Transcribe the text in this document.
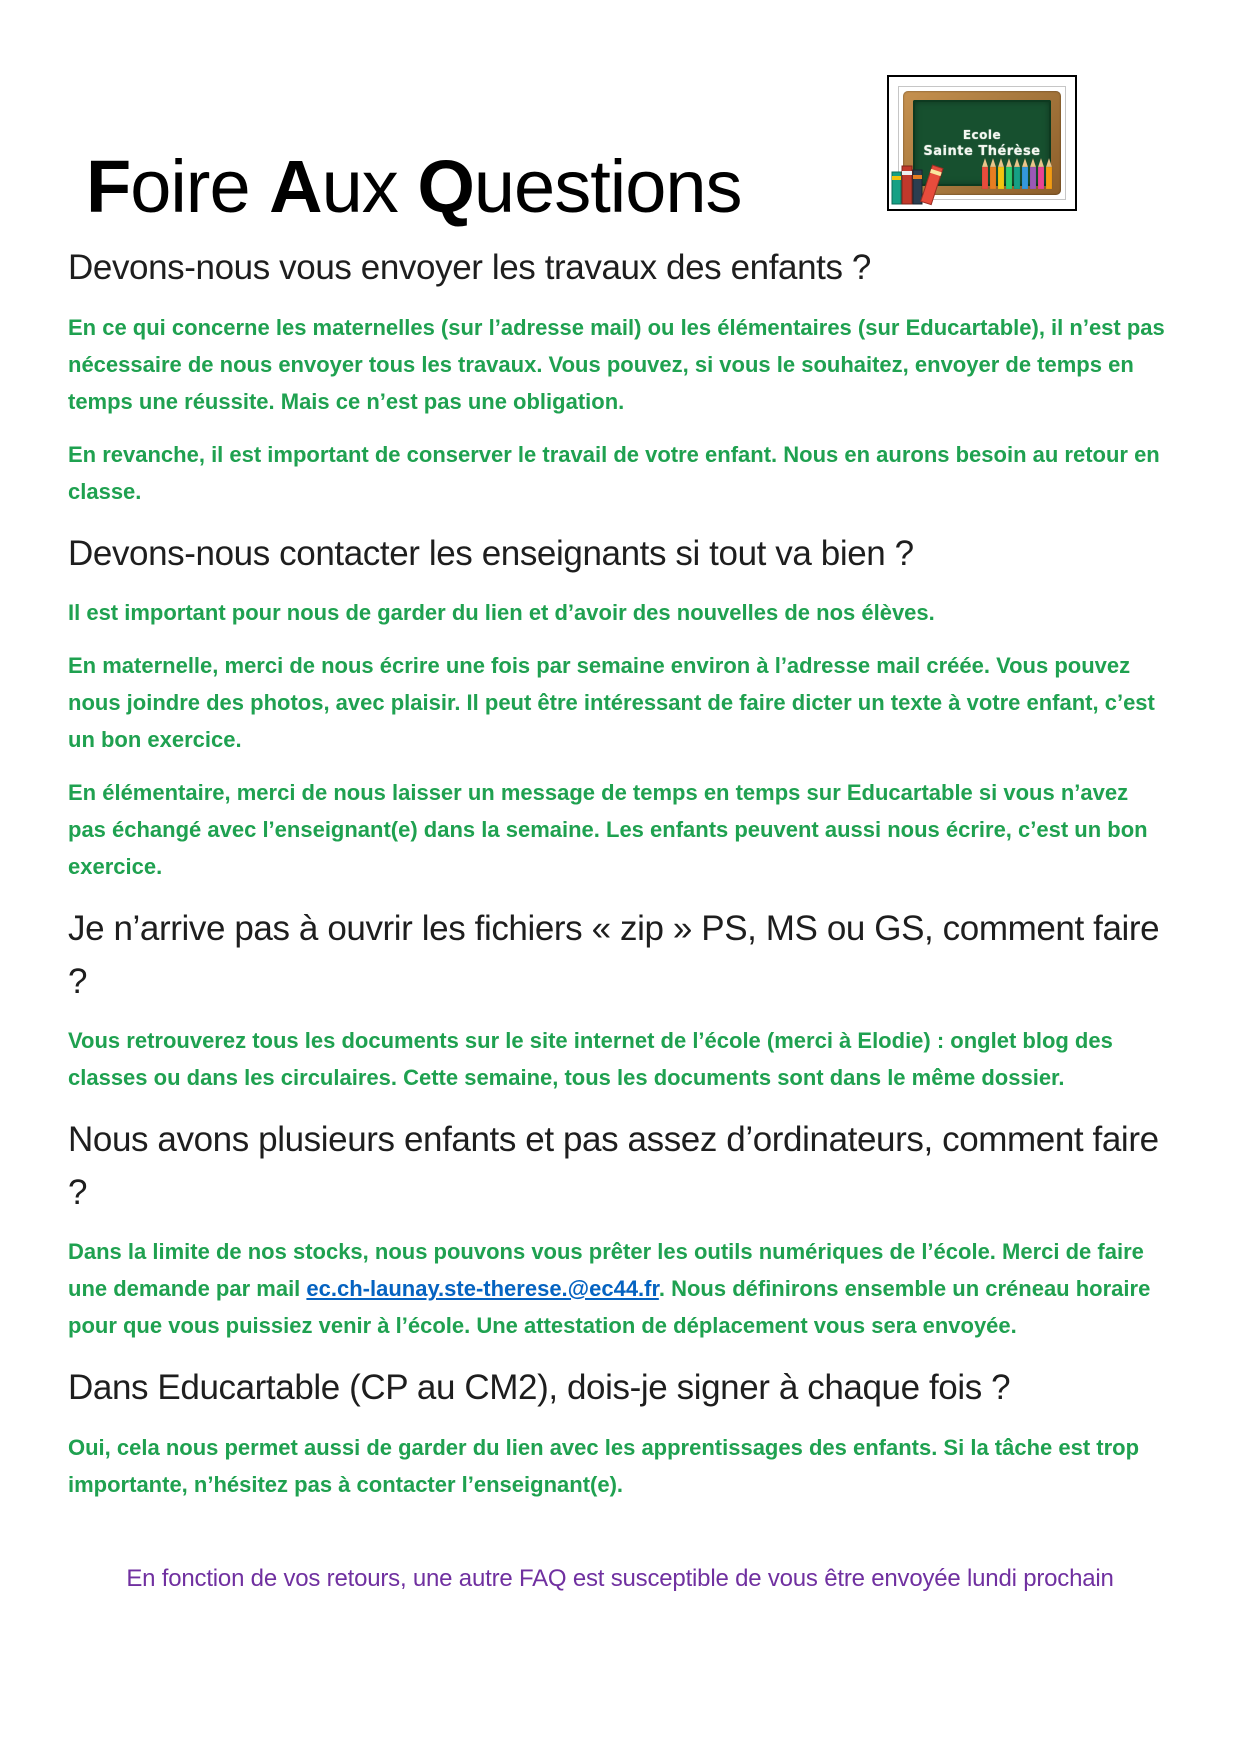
Foire Aux Questions
Ecole
Sainte Thérèse
Devons-nous vous envoyer les travaux des enfants ?

En ce qui concerne les maternelles (sur l’adresse mail) ou les élémentaires (sur Educartable), il n’est pas nécessaire de nous envoyer tous les travaux. Vous pouvez, si vous le souhaitez, envoyer de temps en temps une réussite. Mais ce n’est pas une obligation.

En revanche, il est important de conserver le travail de votre enfant. Nous en aurons besoin au retour en classe.

Devons-nous contacter les enseignants si tout va bien ?

Il est important pour nous de garder du lien et d’avoir des nouvelles de nos élèves.

En maternelle, merci de nous écrire une fois par semaine environ à l’adresse mail créée. Vous pouvez nous joindre des photos, avec plaisir. Il peut être intéressant de faire dicter un texte à votre enfant, c’est un bon exercice.

En élémentaire, merci de nous laisser un message de temps en temps sur Educartable si vous n’avez pas échangé avec l’enseignant(e) dans la semaine. Les enfants peuvent aussi nous écrire, c’est un bon exercice.

Je n’arrive pas à ouvrir les fichiers « zip » PS, MS ou GS, comment faire ?

Vous retrouverez tous les documents sur le site internet de l’école (merci à Elodie) : onglet blog des classes ou dans les circulaires. Cette semaine, tous les documents sont dans le même dossier.

Nous avons plusieurs enfants et pas assez d’ordinateurs, comment faire ?

Dans la limite de nos stocks, nous pouvons vous prêter les outils numériques de l’école. Merci de faire une demande par mail ec.ch-launay.ste-therese.@ec44.fr. Nous définirons ensemble un créneau horaire pour que vous puissiez venir à l’école. Une attestation de déplacement vous sera envoyée.

Dans Educartable (CP au CM2), dois-je signer à chaque fois ?

Oui, cela nous permet aussi de garder du lien avec les apprentissages des enfants. Si la tâche est trop importante, n’hésitez pas à contacter l’enseignant(e).

En fonction de vos retours, une autre FAQ est susceptible de vous être envoyée lundi prochain
